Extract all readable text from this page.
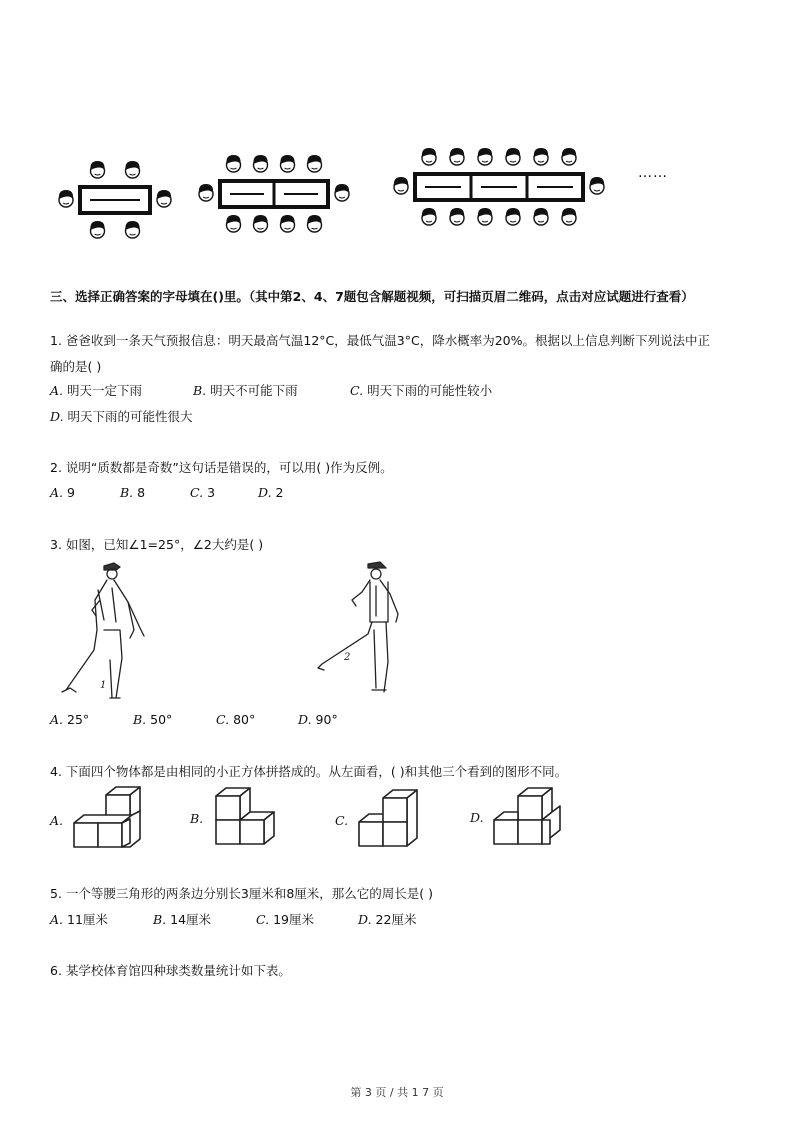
……
三、选择正确答案的字母填在()里。（其中第2、4、7题包含解题视频，可扫描页眉二维码，点击对应试题进行查看）
1. 爸爸收到一条天气预报信息：明天最高气温12°C，最低气温3°C，降水概率为20%。根据以上信息判断下列说法中正
确的是( )
A. 明天一定下雨	B. 明天不可能下雨	C. 明天下雨的可能性较小
D. 明天下雨的可能性很大
2. 说明“质数都是奇数”这句话是错误的，可以用( )作为反例。
A. 9	B. 8	C. 3	D. 2
3. 如图，已知∠1=25°，∠2大约是( )
1
2
A. 25°	B. 50°	C. 80°	D. 90°
4. 下面四个物体都是由相同的小正方体拼搭成的。从左面看，( )和其他三个看到的图形不同。
A.	B.	C.	D.
5. 一个等腰三角形的两条边分别长3厘米和8厘米，那么它的周长是( )
A. 11厘米	B. 14厘米	C. 19厘米	D. 22厘米
6. 某学校体育馆四种球类数量统计如下表。
第 3 页 / 共 1 7 页
